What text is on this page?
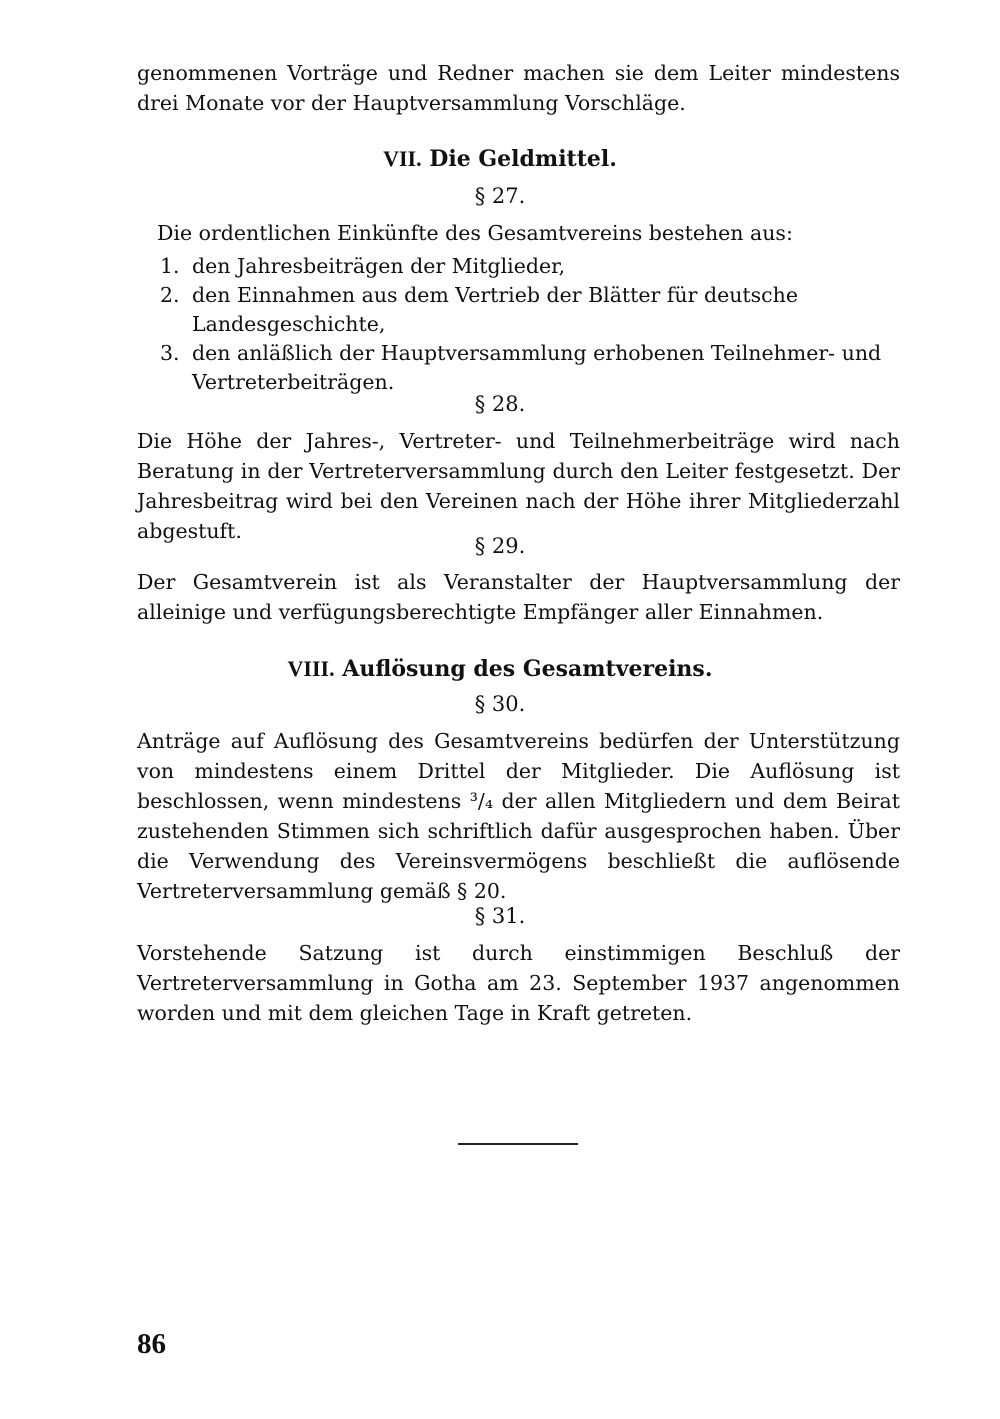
genommenen Vorträge und Redner machen sie dem Leiter mindestens drei Monate vor der Hauptversammlung Vorschläge.
VII. Die Geldmittel.
§ 27.
Die ordentlichen Einkünfte des Gesamtvereins bestehen aus:
1. den Jahresbeiträgen der Mitglieder,
2. den Einnahmen aus dem Vertrieb der Blätter für deutsche Landesgeschichte,
3. den anläßlich der Hauptversammlung erhobenen Teilnehmer- und Vertreterbeiträgen.
§ 28.
Die Höhe der Jahres-, Vertreter- und Teilnehmerbeiträge wird nach Beratung in der Vertreterversammlung durch den Leiter festgesetzt. Der Jahresbeitrag wird bei den Vereinen nach der Höhe ihrer Mitgliederzahl abgestuft.
§ 29.
Der Gesamtverein ist als Veranstalter der Hauptversammlung der alleinige und verfügungsberechtigte Empfänger aller Einnahmen.
VIII. Auflösung des Gesamtvereins.
§ 30.
Anträge auf Auflösung des Gesamtvereins bedürfen der Unterstützung von mindestens einem Drittel der Mitglieder. Die Auflösung ist beschlossen, wenn mindestens ³/₄ der allen Mitgliedern und dem Beirat zustehenden Stimmen sich schriftlich dafür ausgesprochen haben. Über die Verwendung des Vereinsvermögens beschließt die auflösende Vertreterversammlung gemäß § 20.
§ 31.
Vorstehende Satzung ist durch einstimmigen Beschluß der Vertreterversammlung in Gotha am 23. September 1937 angenommen worden und mit dem gleichen Tage in Kraft getreten.
86
